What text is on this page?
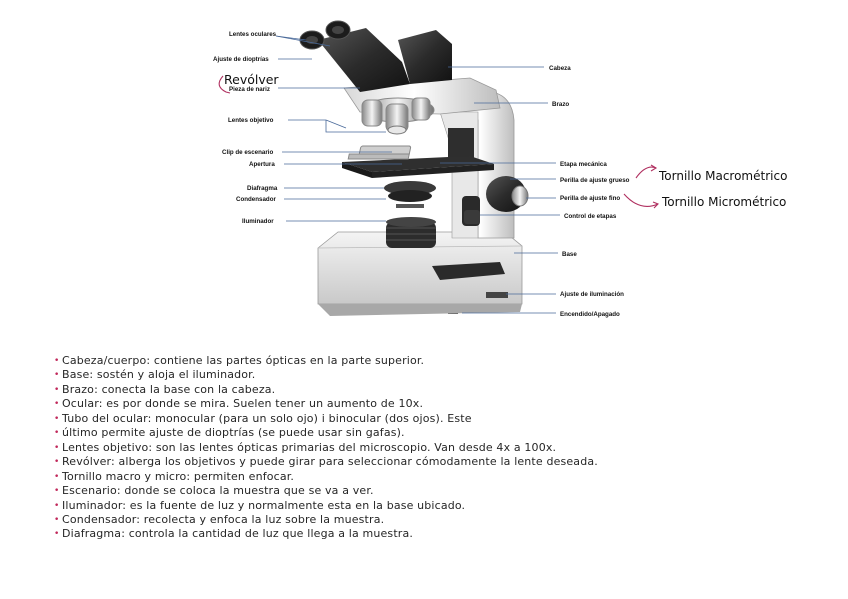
Lentes oculares
Ajuste de dioptrías
Revólver
Pieza de nariz
Lentes objetivo
Clip de escenario
Apertura
Diafragma
Condensador
Iluminador
Cabeza
Brazo
Etapa mecánica
Perilla de ajuste grueso
Perilla de ajuste fino
Control de etapas
Base
Ajuste de iluminación
Encendido/Apagado
Tornillo Macrométrico
Tornillo Micrométrico
• Cabeza/cuerpo: contiene las partes ópticas en la parte superior.
• Base: sostén y aloja el iluminador.
• Brazo: conecta la base con la cabeza.
• Ocular: es por donde se mira. Suelen tener un aumento de 10x.
• Tubo del ocular: monocular (para un solo ojo) i binocular (dos ojos). Este
• último permite ajuste de dioptrías (se puede usar sin gafas).
• Lentes objetivo: son las lentes ópticas primarias del microscopio. Van desde 4x a 100x.
• Revólver: alberga los objetivos y puede girar para seleccionar cómodamente la lente deseada.
• Tornillo macro y micro: permiten enfocar.
• Escenario: donde se coloca la muestra que se va a ver.
• Iluminador: es la fuente de luz y normalmente esta en la base ubicado.
• Condensador: recolecta y enfoca la luz sobre la muestra.
• Diafragma: controla la cantidad de luz que llega a la muestra.
